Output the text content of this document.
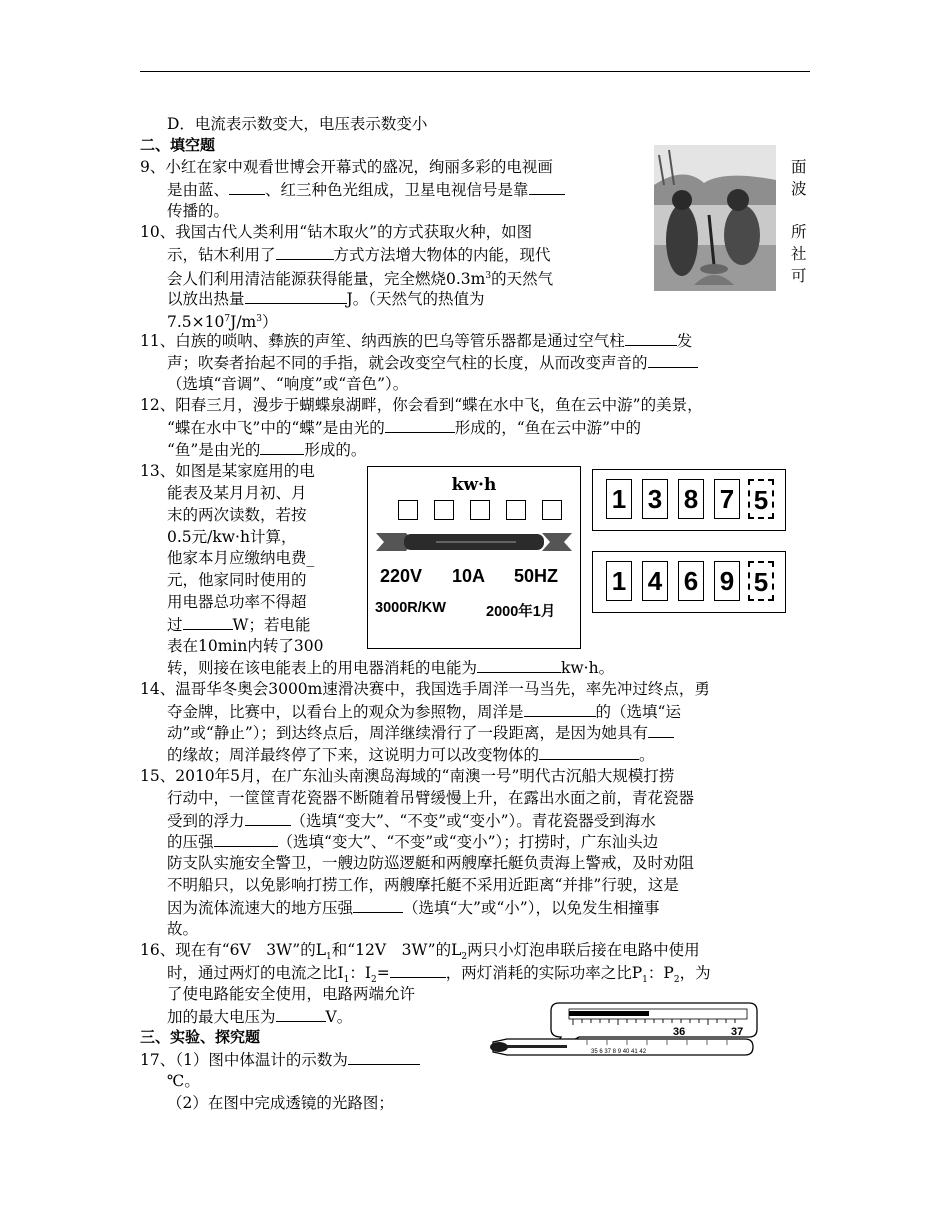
D．电流表示数变大，电压表示数变小
二、填空题
9、小红在家中观看世博会开幕式的盛况，绚丽多彩的电视画
是由蓝、 、红三种色光组成，卫星电视信号是靠
传播的。
10、我国古代人类利用“钻木取火”的方式获取火种，如图
示，钻木利用了	方式方法增大物体的内能，现代
会人们利用清洁能源获得能量，完全燃烧$0.3m^3$的天然气
以放出热量	J。（天然气的热值为
$7.5\times 10^7J/m^3$）
面
波
所
社
可
11、白族的唢呐、彝族的声笙、纳西族的巴乌等管乐器都是通过空气柱	发
声；吹奏者抬起不同的手指，就会改变空气柱的长度，从而改变声音的
（选填“音调”、“响度”或“音色”）。
12、阳春三月，漫步于蝴蝶泉湖畔，你会看到“蝶在水中飞，鱼在云中游”的美景，
“蝶在水中飞”中的“蝶”是由光的	形成的，“鱼在云中游”中的
“鱼”是由光的	形成的。
13、如图是某家庭用的电
能表及某月月初、月
末的两次读数，若按
0.5元/kw·h计算，
他家本月应缴纳电费_
元，他家同时使用的
用电器总功率不得超
过	W；若电能
表在10min内转了300
转，则接在该电能表上的用电器消耗的电能为	kw·h。
kw·h
220V 10A 50HZ
3000R/KW	2000年1月
1 3 8 7 5
1 4 6 9 5
14、温哥华冬奥会3000m速滑决赛中，我国选手周洋一马当先，率先冲过终点，勇
夺金牌，比赛中，以看台上的观众为参照物，周洋是	的（选填“运
动”或“静止”）；到达终点后，周洋继续滑行了一段距离，是因为她具有
的缘故；周洋最终停了下来，这说明力可以改变物体的	。
15、2010年5月，在广东汕头南澳岛海域的“南澳一号”明代古沉船大规模打捞
行动中，一筐筐青花瓷器不断随着吊臂缓慢上升，在露出水面之前，青花瓷器
受到的浮力	（选填“变大”、“不变”或“变小”）。青花瓷器受到海水
的压强	（选填“变大”、“不变”或“变小”）；打捞时，广东汕头边
防支队实施安全警卫，一艘边防巡逻艇和两艘摩托艇负责海上警戒，及时劝阻
不明船只，以免影响打捞工作，两艘摩托艇不采用近距离“并排”行驶，这是
因为流体流速大的地方压强	（选填“大”或“小”），以免发生相撞事
故。
16、现在有“6V　3W”的$L_1$和“12V　3W”的$L_2$两只小灯泡串联后接在电路中使用
时，通过两灯的电流之比$I_1$：$I_2=$	，两灯消耗的实际功率之比$P_1$：$P_2$，为
了使电路能安全使用，电路两端允许
加的最大电压为	V。
三、实验、探究题
17、（1）图中体温计的示数为
℃。
（2）在图中完成透镜的光路图；
36	37
35 6 37 8 9 40 41 42
